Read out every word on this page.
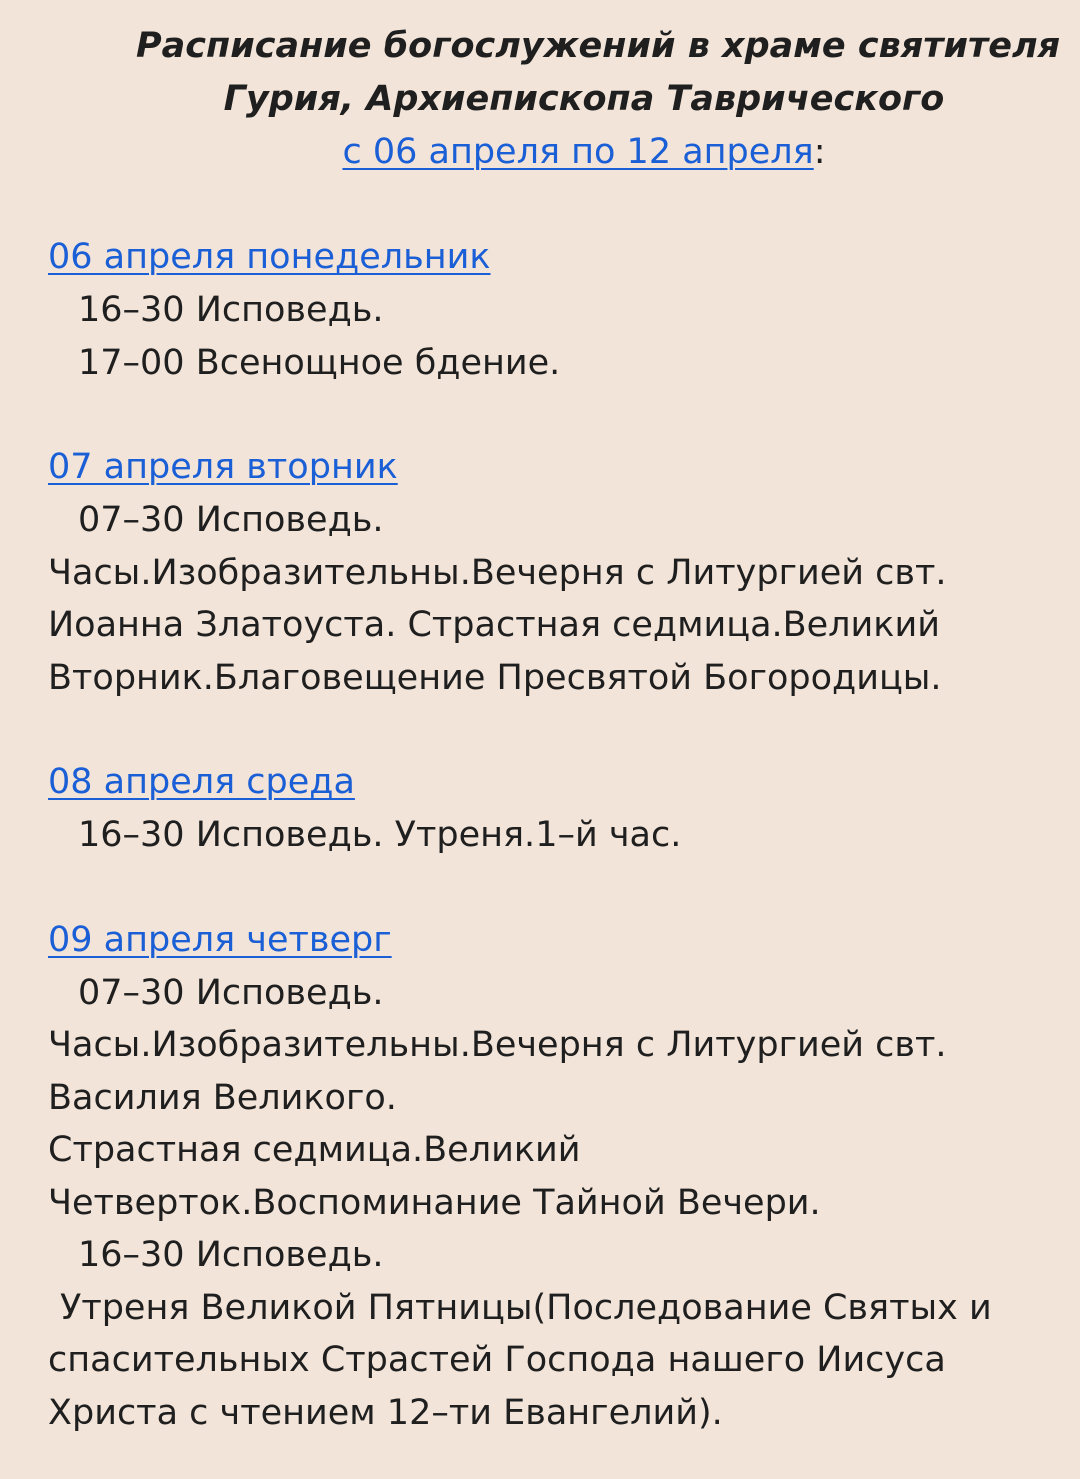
Расписание богослужений в храме святителя
Гурия, Архиепископа Таврического
с 06 апреля по 12 апреля:
06 апреля понедельник
16–30 Исповедь.
17–00 Всенощное бдение.
07 апреля вторник
07–30 Исповедь.
Часы.Изобразительны.Вечерня с Литургией свт.
Иоанна Златоуста. Страстная седмица.Великий
Вторник.Благовещение Пресвятой Богородицы.
08 апреля среда
16–30 Исповедь. Утреня.1–й час.
09 апреля четверг
07–30 Исповедь.
Часы.Изобразительны.Вечерня с Литургией свт.
Василия Великого.
Страстная седмица.Великий
Четверток.Воспоминание Тайной Вечери.
16–30 Исповедь.
Утреня Великой Пятницы(Последование Святых и
спасительных Страстей Господа нашего Иисуса
Христа с чтением 12–ти Евангелий).
